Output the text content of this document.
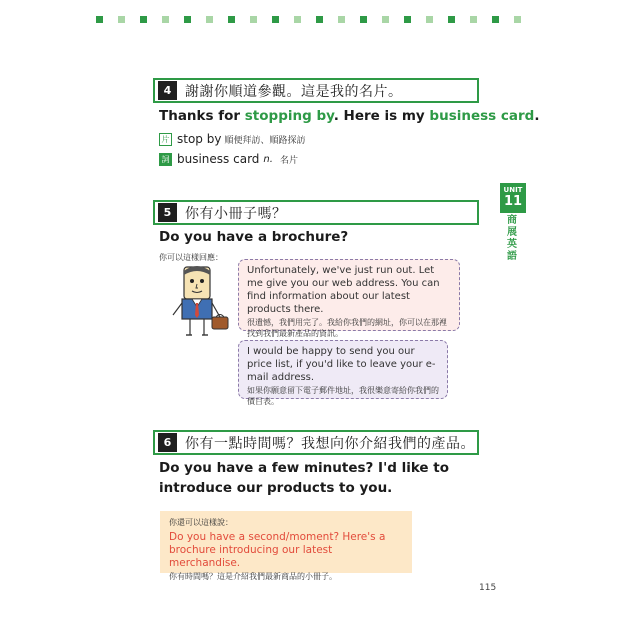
4 謝謝你順道參觀。這是我的名片。
Thanks for stopping by. Here is my business card.
片 stop by 順便拜訪、順路探訪
詞 business card n. 名片
UNIT
11
商展英語
5 你有小冊子嗎？
Do you have a brochure?
你可以這樣回應：
Unfortunately, we've just run out. Let me give you our web address. You can find information about our latest products there.
很遺憾，我們用完了。我給你我們的網址，你可以在那裡找到我們最新產品的資訊。
I would be happy to send you our price list, if you'd like to leave your e-mail address.
如果你願意留下電子郵件地址，我很樂意寄給你我們的價目表。
6 你有一點時間嗎？我想向你介紹我們的產品。
Do you have a few minutes? I'd like to introduce our products to you.
你還可以這樣說：
Do you have a second/moment? Here's a brochure introducing our latest merchandise.
你有時間嗎？這是介紹我們最新商品的小冊子。
115
